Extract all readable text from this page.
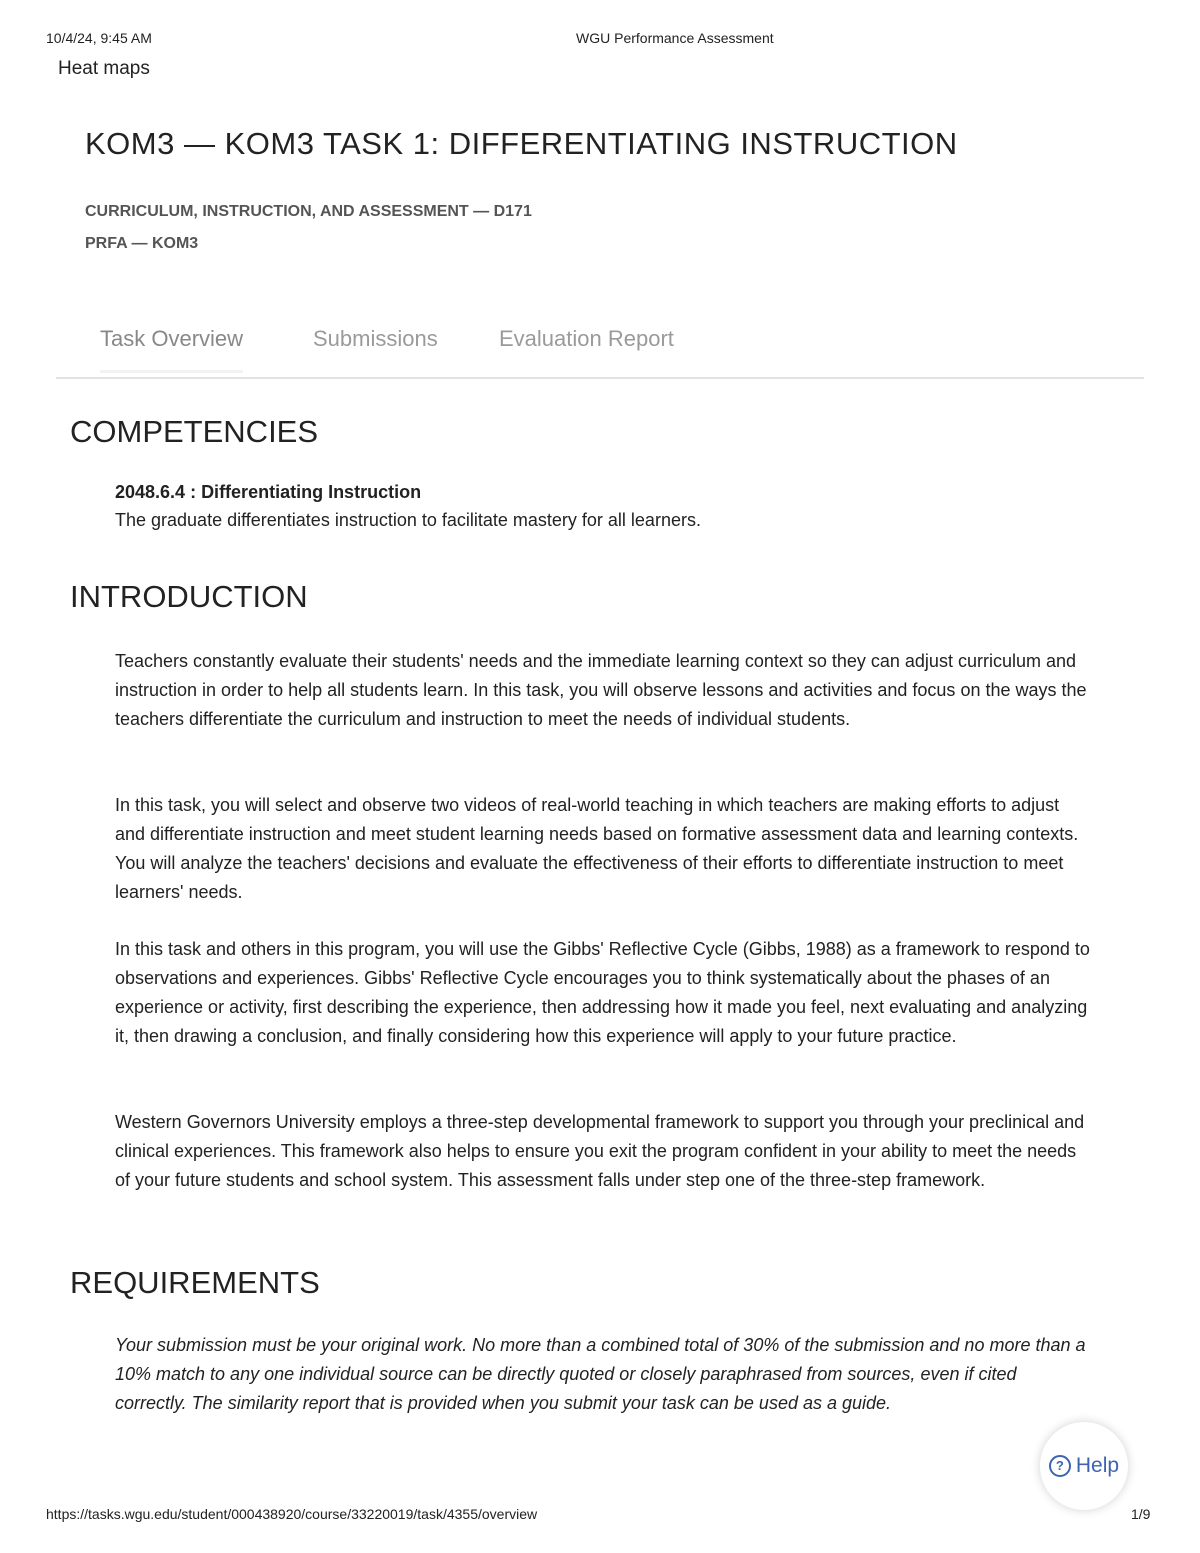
10/4/24, 9:45 AM	WGU Performance Assessment
Heat maps
KOM3 — KOM3 TASK 1: DIFFERENTIATING INSTRUCTION
CURRICULUM, INSTRUCTION, AND ASSESSMENT — D171
PRFA — KOM3
Task Overview	Submissions	Evaluation Report
COMPETENCIES
2048.6.4 : Differentiating Instruction
The graduate differentiates instruction to facilitate mastery for all learners.
INTRODUCTION

Teachers constantly evaluate their students' needs and the immediate learning context so they can adjust curriculum and instruction in order to help all students learn. In this task, you will observe lessons and activities and focus on the ways the teachers differentiate the curriculum and instruction to meet the needs of individual students.

In this task, you will select and observe two videos of real-world teaching in which teachers are making efforts to adjust and differentiate instruction and meet student learning needs based on formative assessment data and learning contexts. You will analyze the teachers' decisions and evaluate the effectiveness of their efforts to differentiate instruction to meet learners' needs.

In this task and others in this program, you will use the Gibbs' Reflective Cycle (Gibbs, 1988) as a framework to respond to observations and experiences. Gibbs' Reflective Cycle encourages you to think systematically about the phases of an experience or activity, first describing the experience, then addressing how it made you feel, next evaluating and analyzing it, then drawing a conclusion, and finally considering how this experience will apply to your future practice.

Western Governors University employs a three-step developmental framework to support you through your preclinical and clinical experiences. This framework also helps to ensure you exit the program confident in your ability to meet the needs of your future students and school system. This assessment falls under step one of the three-step framework.

REQUIREMENTS

Your submission must be your original work. No more than a combined total of 30% of the submission and no more than a 10% match to any one individual source can be directly quoted or closely paraphrased from sources, even if cited correctly. The similarity report that is provided when you submit your task can be used as a guide.

? Help
https://tasks.wgu.edu/student/000438920/course/33220019/task/4355/overview	1/9
